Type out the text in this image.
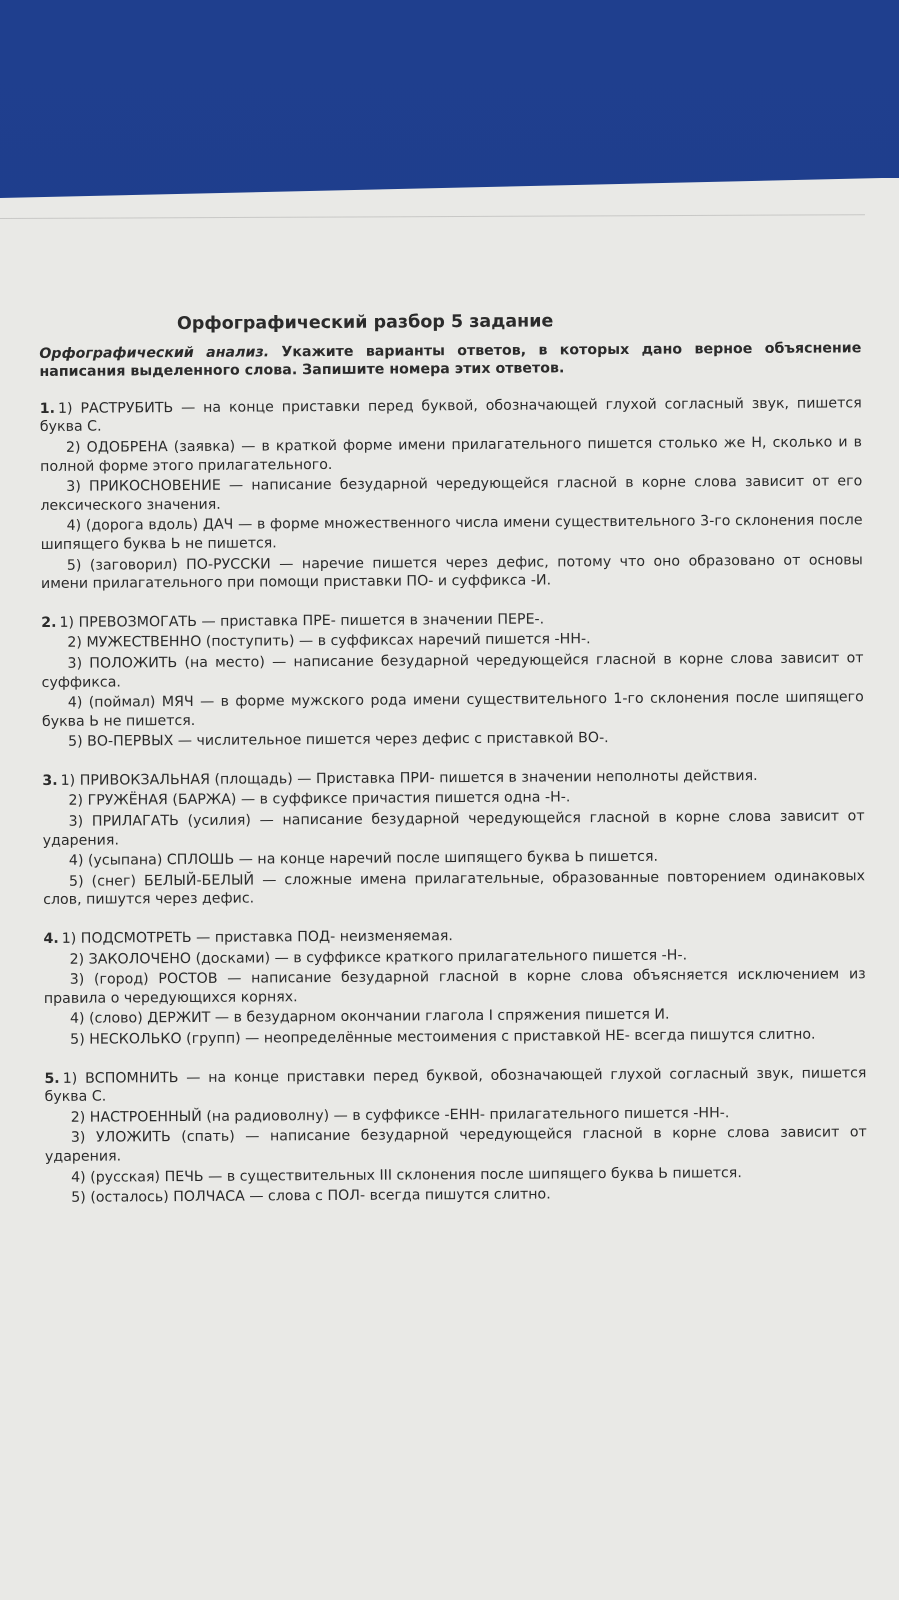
Орфографический разбор 5 задание
Орфографический анализ. Укажите варианты ответов, в которых дано верное объяснение написания выделенного слова. Запишите номера этих ответов.
1. 1) РАСТРУБИТЬ — на конце приставки перед буквой, обозначающей глухой согласный звук, пишется буква С.
2) ОДОБРЕНА (заявка) — в краткой форме имени прилагательного пишется столько же Н, сколько и в полной форме этого прилагательного.
3) ПРИКОСНОВЕНИЕ — написание безударной чередующейся гласной в корне слова зависит от его лексического значения.
4) (дорога вдоль) ДАЧ — в форме множественного числа имени существительного 3-го склонения после шипящего буква Ь не пишется.
5) (заговорил) ПО-РУССКИ — наречие пишется через дефис, потому что оно образовано от основы имени прилагательного при помощи приставки ПО- и суффикса -И.
2. 1) ПРЕВОЗМОГАТЬ — приставка ПРЕ- пишется в значении ПЕРЕ-.
2) МУЖЕСТВЕННО (поступить) — в суффиксах наречий пишется -НН-.
3) ПОЛОЖИТЬ (на место) — написание безударной чередующейся гласной в корне слова зависит от суффикса.
4) (поймал) МЯЧ — в форме мужского рода имени существительного 1-го склонения после шипящего буква Ь не пишется.
5) ВО-ПЕРВЫХ — числительное пишется через дефис с приставкой ВО-.
3. 1) ПРИВОКЗАЛЬНАЯ (площадь) — Приставка ПРИ- пишется в значении неполноты действия.
2) ГРУЖЁНАЯ (БАРЖА) — в суффиксе причастия пишется одна -Н-.
3) ПРИЛАГАТЬ (усилия) — написание безударной чередующейся гласной в корне слова зависит от ударения.
4) (усыпана) СПЛОШЬ — на конце наречий после шипящего буква Ь пишется.
5) (снег) БЕЛЫЙ-БЕЛЫЙ — сложные имена прилагательные, образованные повторением одинаковых слов, пишутся через дефис.
4. 1) ПОДСМОТРЕТЬ — приставка ПОД- неизменяемая.
2) ЗАКОЛОЧЕНО (досками) — в суффиксе краткого прилагательного пишется -Н-.
3) (город) РОСТОВ — написание безударной гласной в корне слова объясняется исключением из правила о чередующихся корнях.
4) (слово) ДЕРЖИТ — в безударном окончании глагола I спряжения пишется И.
5) НЕСКОЛЬКО (групп) — неопределённые местоимения с приставкой НЕ- всегда пишутся слитно.
5. 1) ВСПОМНИТЬ — на конце приставки перед буквой, обозначающей глухой согласный звук, пишется буква С.
2) НАСТРОЕННЫЙ (на радиоволну) — в суффиксе -ЕНН- прилагательного пишется -НН-.
3) УЛОЖИТЬ (спать) — написание безударной чередующейся гласной в корне слова зависит от ударения.
4) (русская) ПЕЧЬ — в существительных III склонения после шипящего буква Ь пишется.
5) (осталось) ПОЛЧАСА — слова с ПОЛ- всегда пишутся слитно.
